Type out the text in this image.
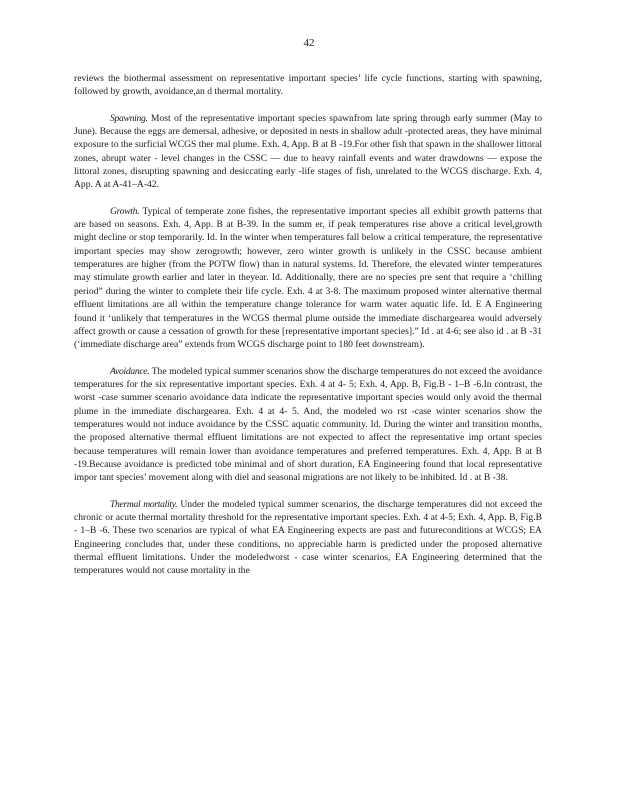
42

reviews the biothermal assessment on representative important species’ life cycle functions, starting with spawning, followed by growth, avoidance,an d thermal mortality.

Spawning. Most of the representative important species spawnfrom late spring through early summer (May to June). Because the eggs are demersal, adhesive, or deposited in nests in shallow adult -protected areas, they have minimal exposure to the surficial WCGS ther mal plume. Exh. 4, App. B at B -19.For other fish that spawn in the shallower littoral zones, abrupt water - level changes in the CSSC — due to heavy rainfall events and water drawdowns — expose the littoral zones, disrupting spawning and desiccating early -life stages of fish, unrelated to the WCGS discharge. Exh. 4, App. A at A-41–A-42.

Growth. Typical of temperate zone fishes, the representative important species all exhibit growth patterns that are based on seasons. Exh. 4, App. B at B-39. In the summ er, if peak temperatures rise above a critical level,growth might decline or stop temporarily. Id. In the winter when temperatures fall below a critical temperature, the representative important species may show zerogrowth; however, zero winter growth is unlikely in the CSSC because ambient temperatures are higher (from the POTW flow) than in natural systems. Id. Therefore, the elevated winter temperatures may stimulate growth earlier and later in theyear. Id. Additionally, there are no species pre sent that require a ‘chilling period” during the winter to complete their life cycle. Exh. 4 at 3-8. The maximum proposed winter alternative thermal effluent limitations are all within the temperature change tolerance for warm water aquatic life. Id. E A Engineering found it ‘unlikely that temperatures in the WCGS thermal plume outside the immediate dischargearea would adversely affect growth or cause a cessation of growth for these [representative important species].” Id . at 4-6; see also id . at B -31 (‘immediate discharge area” extends from WCGS discharge point to 180 feet downstream).

Avoidance. The modeled typical summer scenarios show the discharge temperatures do not exceed the avoidance temperatures for the six representative important species. Exh. 4 at 4- 5; Exh. 4, App. B, Fig.B - 1–B -6.In contrast, the worst -case summer scenario avoidance data indicate the representative important species would only avoid the thermal plume in the immediate dischargearea. Exh. 4 at 4- 5. And, the modeled wo rst -case winter scenarios show the temperatures would not induce avoidance by the CSSC aquatic community. Id. During the winter and transition months, the proposed alternative thermal effluent limitations are not expected to affect the representative imp ortant species because temperatures will remain lower than avoidance temperatures and preferred temperatures. Exh. 4, App. B at B -19.Because avoidance is predicted tobe minimal and of short duration, EA Engineering found that local representative impor tant species’ movement along with diel and seasonal migrations are not likely to be inhibited. Id . at B -38.

Thermal mortality. Under the modeled typical summer scenarios, the discharge temperatures did not exceed the chronic or acute thermal mortality threshold for the representative important species. Exh. 4 at 4-5; Exh. 4, App. B, Fig.B - 1–B -6. These two scenarios are typical of what EA Engineering expects are past and futureconditions at WCGS; EA Engineering concludes that, under these conditions, no appreciable harm is predicted under the proposed alternative thermal effluent limitations. Under the modeledworst - case winter scenarios, EA Engineering determined that the temperatures would not cause mortality in the
